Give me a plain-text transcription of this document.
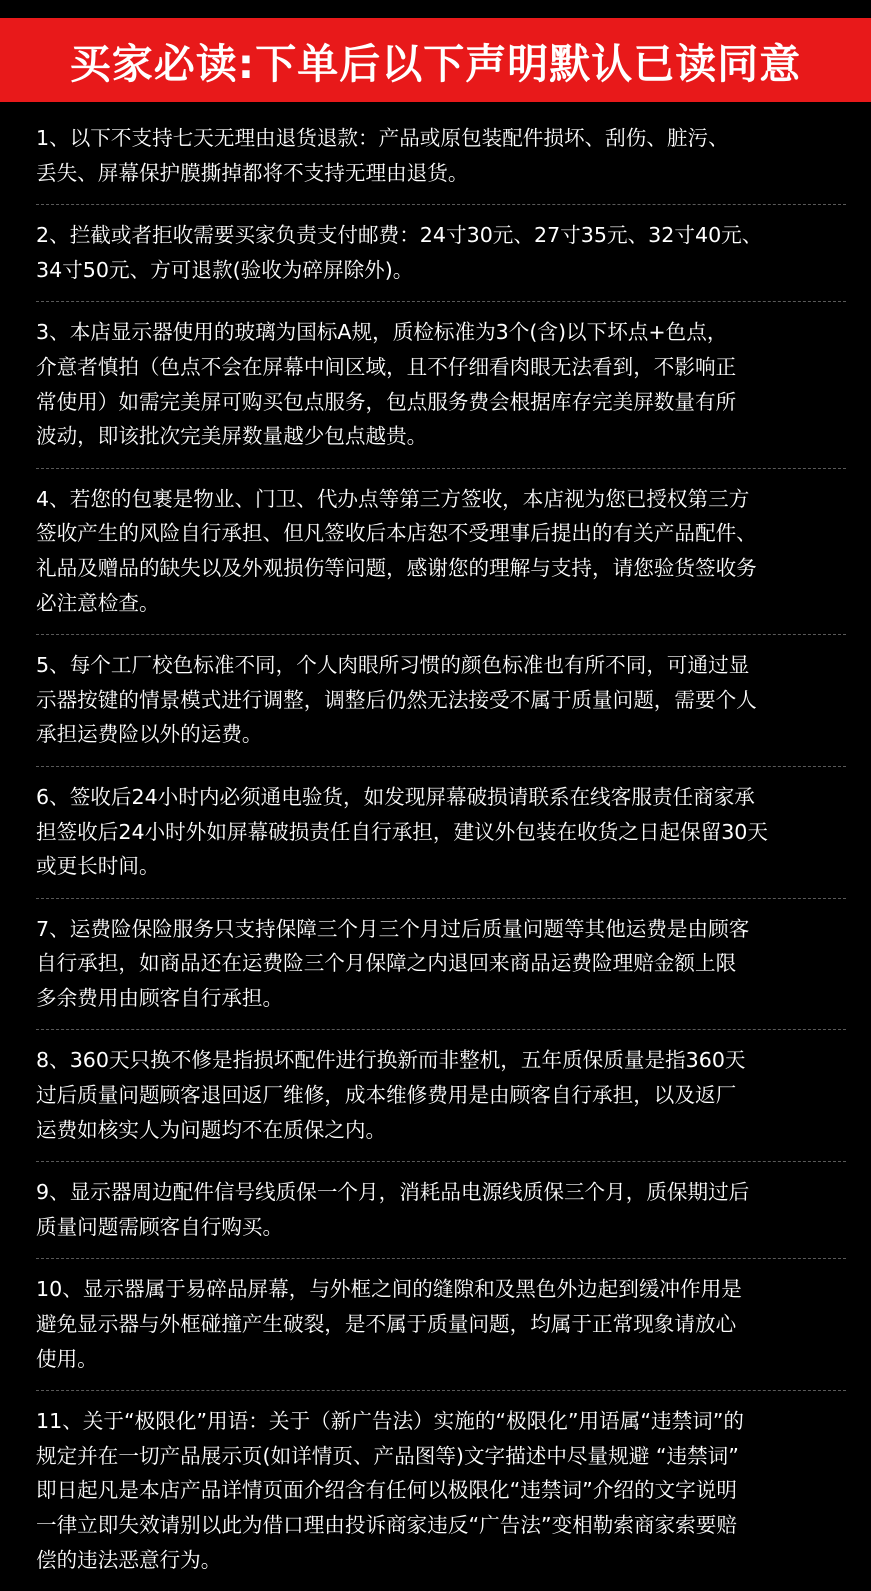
买家必读:下单后以下声明默认已读同意
1、以下不支持七天无理由退货退款：产品或原包装配件损坏、刮伤、脏污、
丢失、屏幕保护膜撕掉都将不支持无理由退货。
2、拦截或者拒收需要买家负责支付邮费：24寸30元、27寸35元、32寸40元、
34寸50元、方可退款(验收为碎屏除外)。
3、本店显示器使用的玻璃为国标A规，质检标准为3个(含)以下坏点+色点，
介意者慎拍（色点不会在屏幕中间区域，且不仔细看肉眼无法看到，不影响正
常使用）如需完美屏可购买包点服务，包点服务费会根据库存完美屏数量有所
波动，即该批次完美屏数量越少包点越贵。
4、若您的包裹是物业、门卫、代办点等第三方签收，本店视为您已授权第三方
签收产生的风险自行承担、但凡签收后本店恕不受理事后提出的有关产品配件、
礼品及赠品的缺失以及外观损伤等问题，感谢您的理解与支持，请您验货签收务
必注意检查。
5、每个工厂校色标准不同，个人肉眼所习惯的颜色标准也有所不同，可通过显
示器按键的情景模式进行调整，调整后仍然无法接受不属于质量问题，需要个人
承担运费险以外的运费。
6、签收后24小时内必须通电验货，如发现屏幕破损请联系在线客服责任商家承
担签收后24小时外如屏幕破损责任自行承担，建议外包装在收货之日起保留30天
或更长时间。
7、运费险保险服务只支持保障三个月三个月过后质量问题等其他运费是由顾客
自行承担，如商品还在运费险三个月保障之内退回来商品运费险理赔金额上限
多余费用由顾客自行承担。
8、360天只换不修是指损坏配件进行换新而非整机，五年质保质量是指360天
过后质量问题顾客退回返厂维修，成本维修费用是由顾客自行承担，以及返厂
运费如核实人为问题均不在质保之内。
9、显示器周边配件信号线质保一个月，消耗品电源线质保三个月，质保期过后
质量问题需顾客自行购买。
10、显示器属于易碎品屏幕，与外框之间的缝隙和及黑色外边起到缓冲作用是
避免显示器与外框碰撞产生破裂，是不属于质量问题，均属于正常现象请放心
使用。
11、关于“极限化”用语：关于（新广告法）实施的“极限化”用语属“违禁词”的
规定并在一切产品展示页(如详情页、产品图等)文字描述中尽量规避 “违禁词”
即日起凡是本店产品详情页面介绍含有任何以极限化“违禁词”介绍的文字说明
一律立即失效请别以此为借口理由投诉商家违反“广告法”变相勒索商家索要赔
偿的违法恶意行为。
